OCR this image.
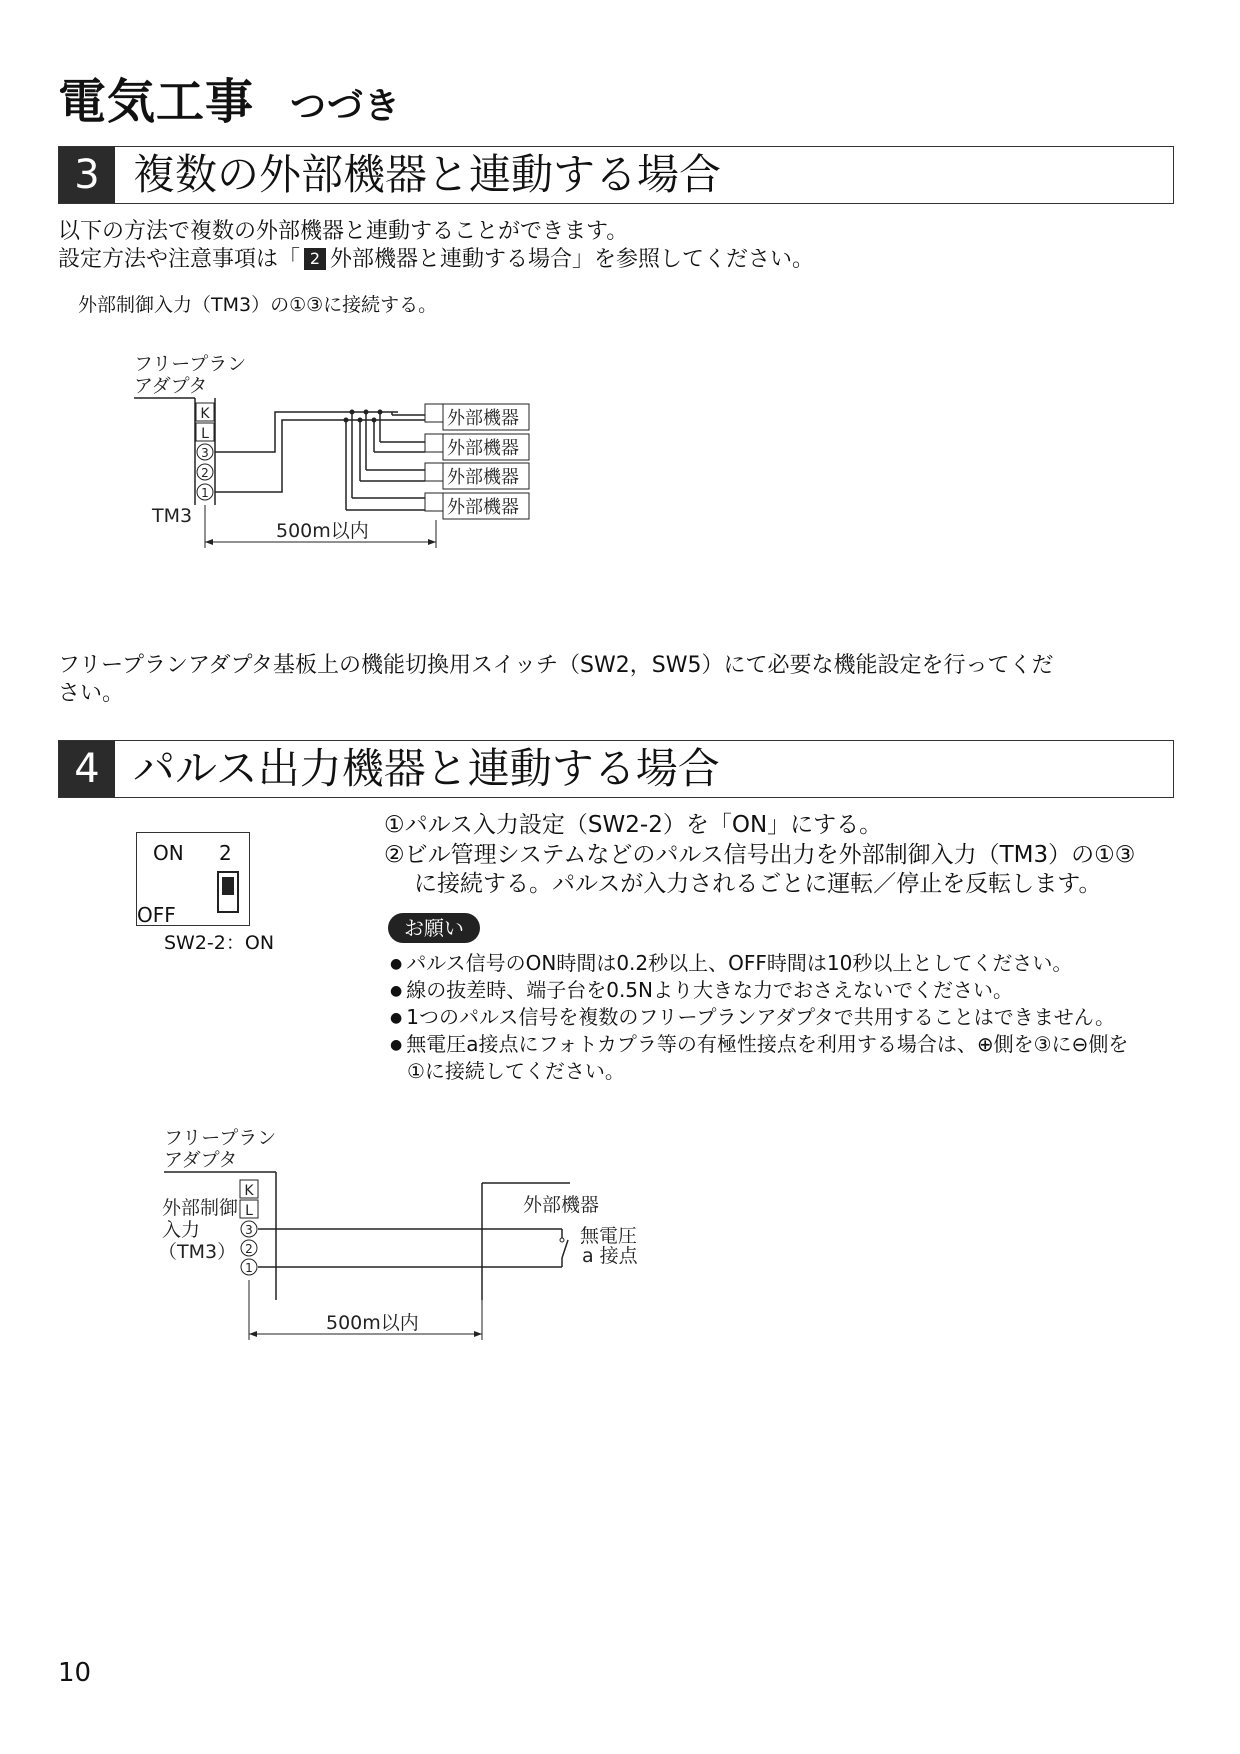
電気工事 つづき
3 複数の外部機器と連動する場合
以下の方法で複数の外部機器と連動することができます。
設定方法や注意事項は「 2 外部機器と連動する場合」を参照してください。
外部制御入力（TM3）の①③に接続する。
フリープラン
アダプタ
K
L
3
2
1
TM3
外部機器
外部機器
外部機器
外部機器
500m以内
フリープランアダプタ基板上の機能切換用スイッチ（SW2，SW5）にて必要な機能設定を行ってくだ
さい。
4 パルス出力機器と連動する場合
ON 2
OFF
SW2-2：ON
①パルス入力設定（SW2-2）を「ON」にする。
②ビル管理システムなどのパルス信号出力を外部制御入力（TM3）の①③
に接続する。パルスが入力されるごとに運転／停止を反転します。
お願い
● パルス信号のON時間は0.2秒以上、OFF時間は10秒以上としてください。
● 線の抜差時、端子台を0.5Nより大きな力でおさえないでください。
● 1つのパルス信号を複数のフリープランアダプタで共用することはできません。
● 無電圧a接点にフォトカプラ等の有極性接点を利用する場合は、⊕側を③に⊖側を
①に接続してください。
フリープラン
アダプタ
外部制御
入力
（TM3）
K
L
3
2
1
外部機器
無電圧
a 接点
500m以内
10
